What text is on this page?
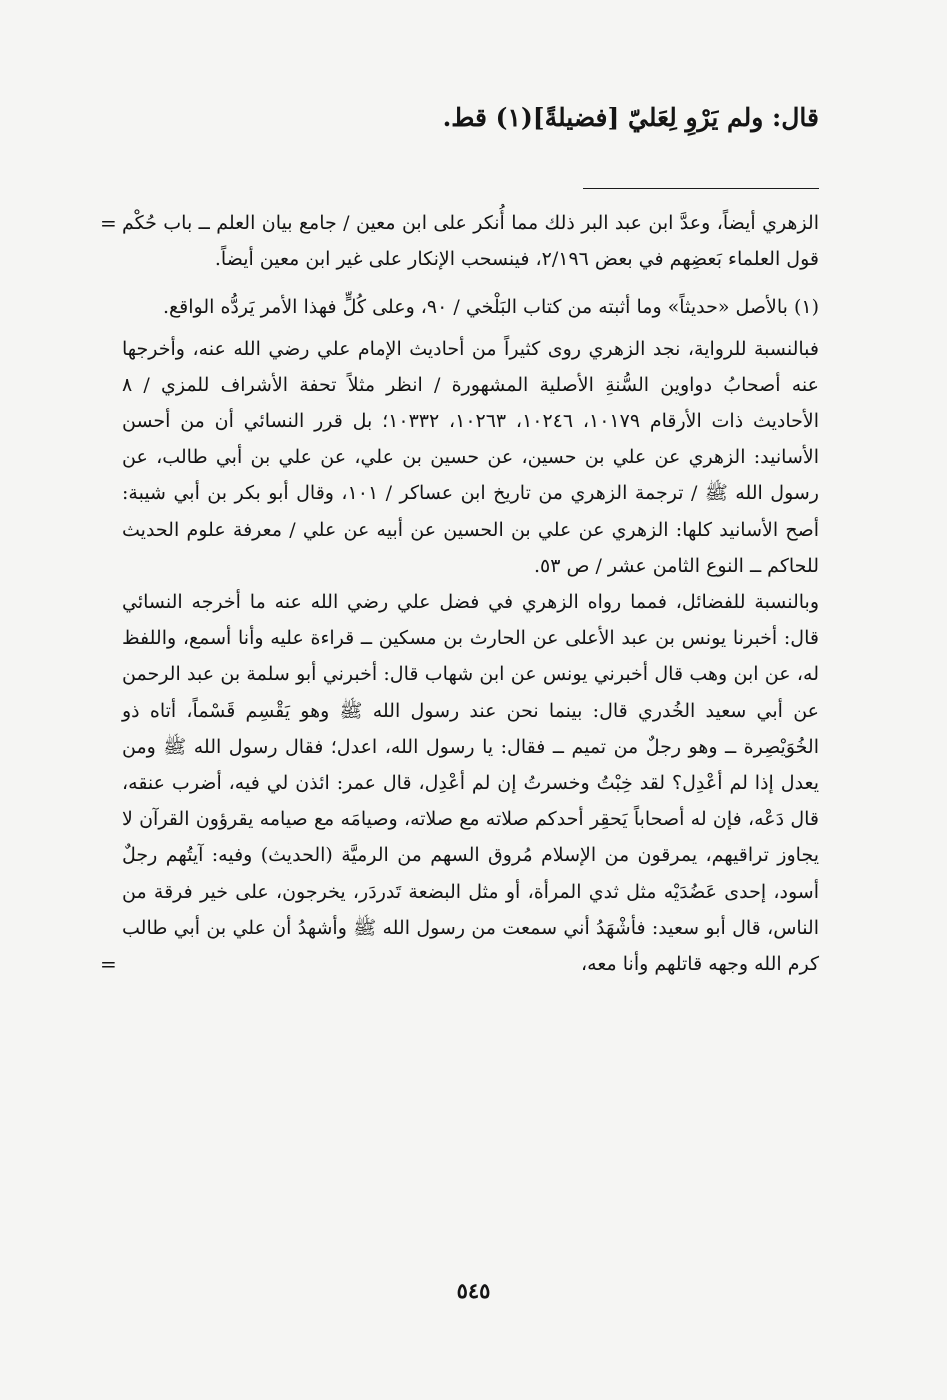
قال: ولم يَرْوِ لِعَليّ [فضيلةً](١) قط.
= الزهري أيضاً، وعدَّ ابن عبد البر ذلك مما أُنكر على ابن معين / جامع بيان العلم ــ باب حُكْم قول العلماء بَعضِهم في بعض ٢/١٩٦، فينسحب الإنكار على غير ابن معين أيضاً.

(١)بالأصل «حديثاً» وما أثبته من كتاب البَلْخي / ٩٠، وعلى كُلٍّ فهذا الأمر يَردُّه الواقع.

فبالنسبة للرواية، نجد الزهري روى كثيراً من أحاديث الإمام علي رضي الله عنه، وأخرجها عنه أصحابُ دواوين السُّنةِ الأصلية المشهورة / انظر مثلاً تحفة الأشراف للمزي / ٨ الأحاديث ذات الأرقام ١٠١٧٩، ١٠٢٤٦، ١٠٢٦٣، ١٠٣٣٢؛ بل قرر النسائي أن من أحسن الأسانيد: الزهري عن علي بن حسين، عن حسين بن علي، عن علي بن أبي طالب، عن رسول الله ﷺ / ترجمة الزهري من تاريخ ابن عساكر / ١٠١، وقال أبو بكر بن أبي شيبة: أصح الأسانيد كلها: الزهري عن علي بن الحسين عن أبيه عن علي / معرفة علوم الحديث للحاكم ــ النوع الثامن عشر / ص ٥٣.

وبالنسبة للفضائل، فمما رواه الزهري في فضل علي رضي الله عنه ما أخرجه النسائي قال: أخبرنا يونس بن عبد الأعلى عن الحارث بن مسكين ــ قراءة عليه وأنا أسمع، واللفظ له، عن ابن وهب قال أخبرني يونس عن ابن شهاب قال: أخبرني أبو سلمة بن عبد الرحمن عن أبي سعيد الخُدري قال: بينما نحن عند رسول الله ﷺ وهو يَقْسِم قَسْماً، أتاه ذو الخُوَيْصِرة ــ وهو رجلٌ من تميم ــ فقال: يا رسول الله، اعدل؛ فقال رسول الله ﷺ ومن يعدل إذا لم أعْدِل؟ لقد خِبْتُ وخسرتُ إن لم أعْدِل، قال عمر: ائذن لي فيه، أضرب عنقه، قال دَعْه، فإن له أصحاباً يَحقِر أحدكم صلاته مع صلاته، وصيامَه مع صيامه يقرؤون القرآن لا يجاوز تراقيهم، يمرقون من الإسلام مُروق السهم من الرميَّة (الحديث) وفيه: آيتُهم رجلٌ أسود، إحدى عَضُدَيْه مثل ثدي المرأة، أو مثل البضعة تَدردَر، يخرجون، على خير فرقة من الناس، قال أبو سعيد: فأشْهَدُ أني سمعت من رسول الله ﷺ وأشهدُ أن علي بن أبي طالب كرم الله وجهه قاتلهم وأنا معه،

=
٥٤٥
